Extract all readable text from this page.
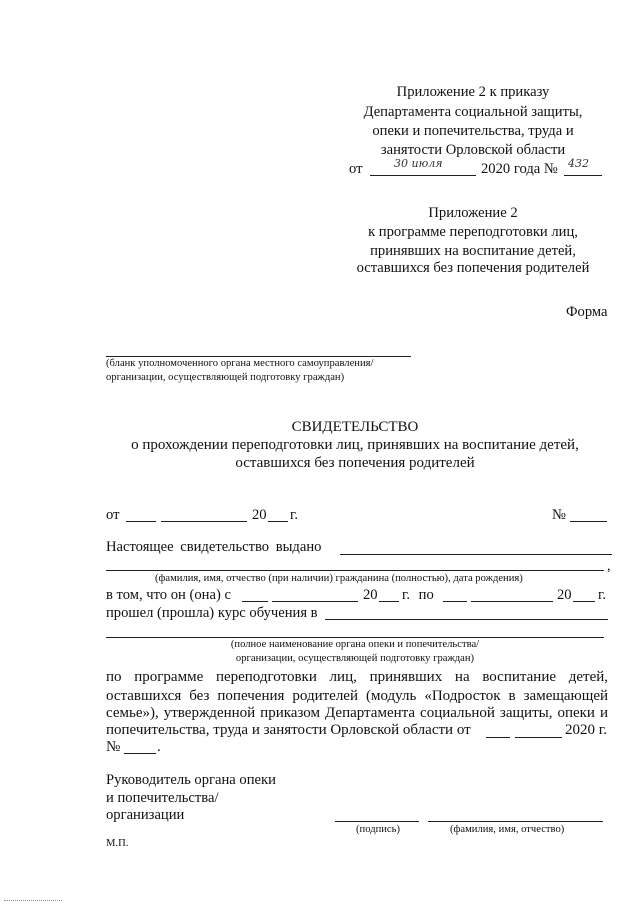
Приложение 2 к приказу
Департамента социальной защиты,
опеки и попечительства, труда и
занятости Орловской области
от	30 июля	2020 года № 432
Приложение 2
к программе переподготовки лиц,
принявших на воспитание детей,
оставшихся без попечения родителей
Форма
(бланк уполномоченного органа местного самоуправления/
организации, осуществляющей подготовку граждан)
СВИДЕТЕЛЬСТВО
о прохождении переподготовки лиц, принявших на воспитание детей,
оставшихся без попечения родителей
от	20 г.	№
Настоящее свидетельство выдано
,
(фамилия, имя, отчество (при наличии) гражданина (полностью), дата рождения)
в том, что он (она) с	20 г. по	20 г.
прошел (прошла) курс обучения в
(полное наименование органа опеки и попечительства/
организации, осуществляющей подготовку граждан)
по программе переподготовки лиц, принявших на воспитание детей,
оставшихся без попечения родителей (модуль «Подросток в замещающей
семье»), утвержденной приказом Департамента социальной защиты, опеки и
попечительства, труда и занятости Орловской области от	2020 г.
№ .
Руководитель органа опеки
и попечительства/
организации
(подпись)	(фамилия, имя, отчество)
М.П.
